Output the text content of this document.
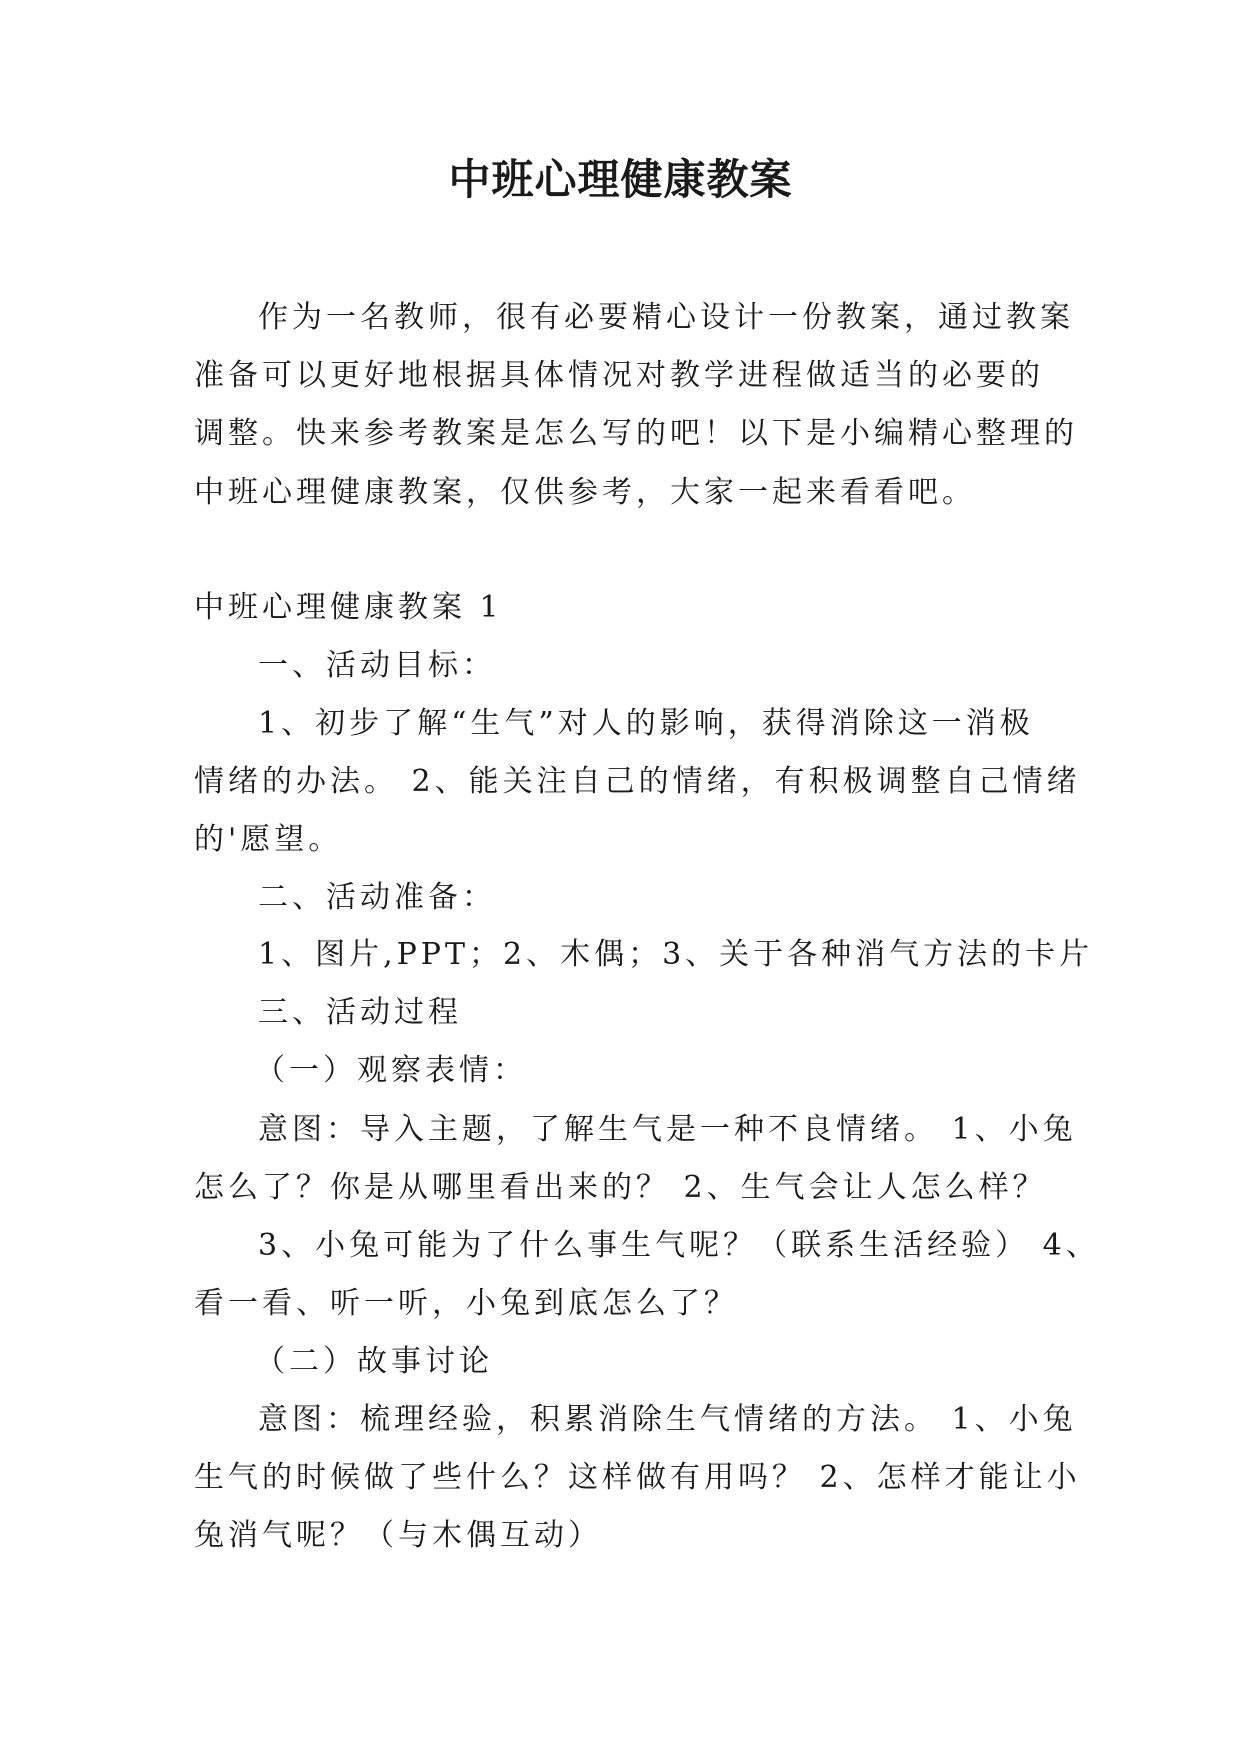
中班心理健康教案

作为一名教师，很有必要精心设计一份教案，通过教案

准备可以更好地根据具体情况对教学进程做适当的必要的

调整。快来参考教案是怎么写的吧！以下是小编精心整理的

中班心理健康教案，仅供参考，大家一起来看看吧。

中班心理健康教案 1

一、活动目标：

1、初步了解“生气”对人的影响，获得消除这一消极

情绪的办法。 2、能关注自己的情绪，有积极调整自己情绪

的'愿望。

二、活动准备：

1、图片,PPT；2、木偶；3、关于各种消气方法的卡片

三、活动过程

（一）观察表情：

意图：导入主题，了解生气是一种不良情绪。 1、小兔

怎么了？你是从哪里看出来的？ 2、生气会让人怎么样？

3、小兔可能为了什么事生气呢？（联系生活经验） 4、

看一看、听一听，小兔到底怎么了？

（二）故事讨论

意图：梳理经验，积累消除生气情绪的方法。 1、小兔

生气的时候做了些什么？这样做有用吗？ 2、怎样才能让小

兔消气呢？（与木偶互动）
